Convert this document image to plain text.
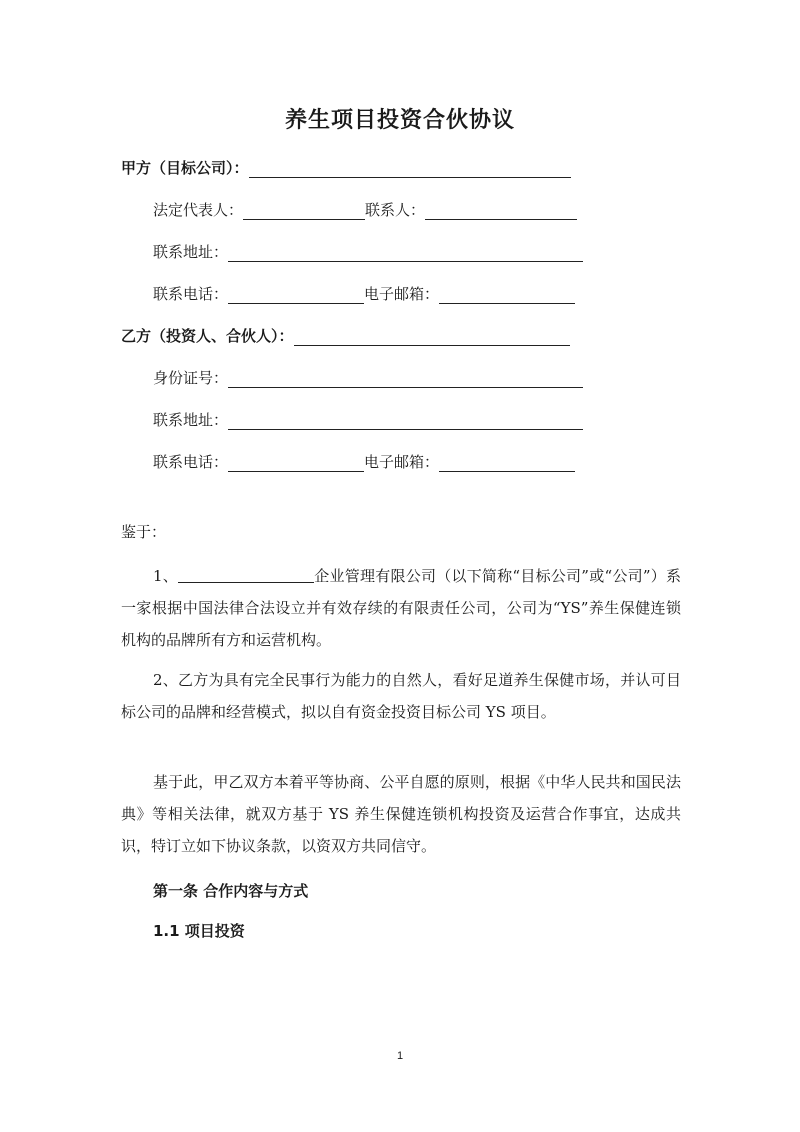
养生项目投资合伙协议
甲方（目标公司）：
法定代表人：	联系人：
联系地址：
联系电话：	电子邮箱：
乙方（投资人、合伙人）：
身份证号：
联系地址：
联系电话：	电子邮箱：
鉴于：

1、	企业管理有限公司（以下简称“目标公司”或“公司”）系一家根据中国法律合法设立并有效存续的有限责任公司，公司为“YS”养生保健连锁机构的品牌所有方和运营机构。

2、乙方为具有完全民事行为能力的自然人，看好足道养生保健市场，并认可目标公司的品牌和经营模式，拟以自有资金投资目标公司 YS 项目。

基于此，甲乙双方本着平等协商、公平自愿的原则，根据《中华人民共和国民法典》等相关法律，就双方基于 YS 养生保健连锁机构投资及运营合作事宜，达成共识，特订立如下协议条款，以资双方共同信守。

第一条 合作内容与方式
1.1 项目投资
1
